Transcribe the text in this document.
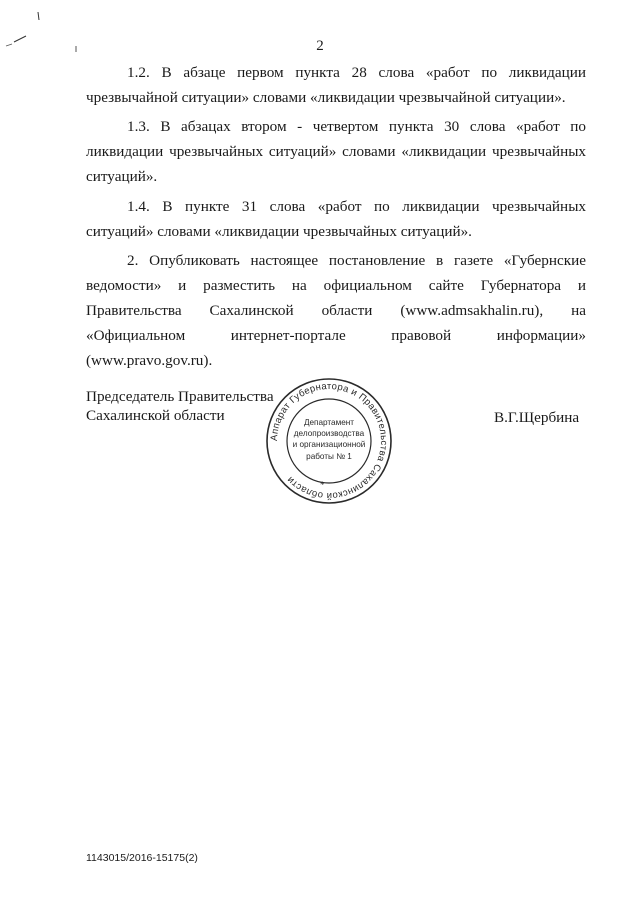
2

1.2. В абзаце первом пункта 28 слова «работ по ликвидации чрезвычайной ситуации» словами «ликвидации чрезвычайной ситуации».

1.3. В абзацах втором - четвертом пункта 30 слова «работ по ликвидации чрезвычайных ситуаций» словами «ликвидации чрезвычайных ситуаций».

1.4. В пункте 31 слова «работ по ликвидации чрезвычайных ситуаций» словами «ликвидации чрезвычайных ситуаций».

2. Опубликовать настоящее постановление в газете «Губернские ведомости» и разместить на официальном сайте Губернатора и Правительства Сахалинской области (www.admsakhalin.ru), на «Официальном интернет-портале правовой информации» (www.pravo.gov.ru).

Председатель Правительства
Сахалинской области
Аппарат Губернатора и Правительства Сахалинской области
Департамент
делопроизводства
и организационной
работы № 1
*
В.Г.Щербина
1143015/2016-15175(2)
